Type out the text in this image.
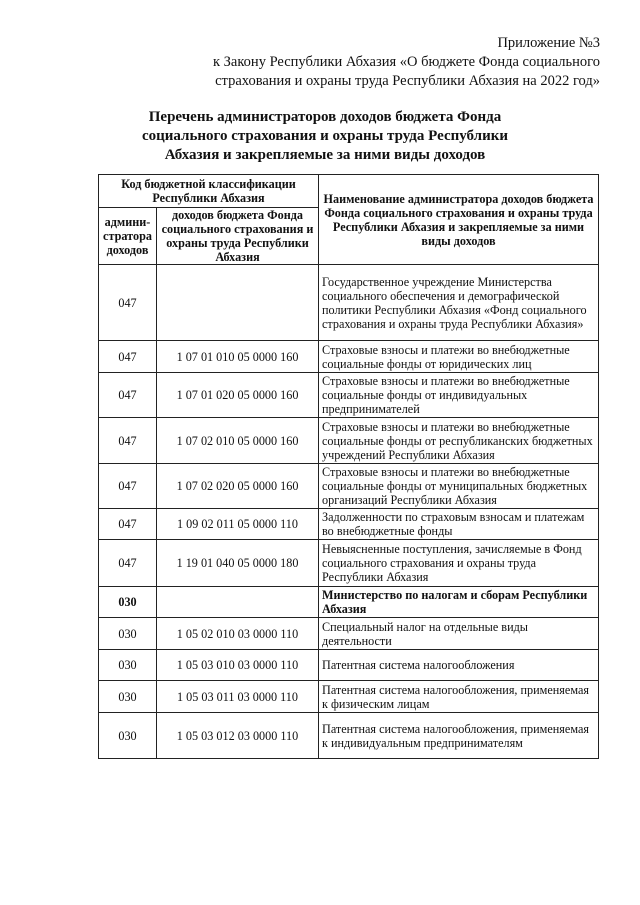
Приложение №3
к Закону Республики Абхазия «О бюджете Фонда социального
страхования и охраны труда Республики Абхазия на 2022 год»
Перечень администраторов доходов бюджета Фонда
социального страхования и охраны труда Республики
Абхазия и закрепляемые за ними виды доходов
Код бюджетной классификации Республики Абхазия		Наименование администратора доходов бюджета Фонда социального страхования и охраны труда Республики Абхазия и закрепляемые за ними виды доходов
админи-стратора доходов	доходов бюджета Фонда социального страхования и охраны труда Республики Абхазия	
047		Государственное учреждение Министерства социального обеспечения и демографической политики Республики Абхазия «Фонд социального страхования и охраны труда Республики Абхазия»
047	1 07 01 010 05 0000 160	Страховые взносы и платежи во внебюджетные социальные фонды от юридических лиц
047	1 07 01 020 05 0000 160	Страховые взносы и платежи во внебюджетные социальные фонды от индивидуальных предпринимателей
047	1 07 02 010 05 0000 160	Страховые взносы и платежи во внебюджетные социальные фонды от республиканских бюджетных учреждений Республики Абхазия
047	1 07 02 020 05 0000 160	Страховые взносы и платежи во внебюджетные социальные фонды от муниципальных бюджетных организаций Республики Абхазия
047	1 09 02 011 05 0000 110	Задолженности по страховым взносам и платежам во внебюджетные фонды
047	1 19 01 040 05 0000 180	Невыясненные поступления, зачисляемые в Фонд социального страхования и охраны труда Республики Абхазия
030		Министерство по налогам и сборам Республики Абхазия
030	1 05 02 010 03 0000 110	Специальный налог на отдельные виды деятельности
030	1 05 03 010 03 0000 110	Патентная система налогообложения
030	1 05 03 011 03 0000 110	Патентная система налогообложения, применяемая к физическим лицам
030	1 05 03 012 03 0000 110	Патентная система налогообложения, применяемая к индивидуальным предпринимателям
